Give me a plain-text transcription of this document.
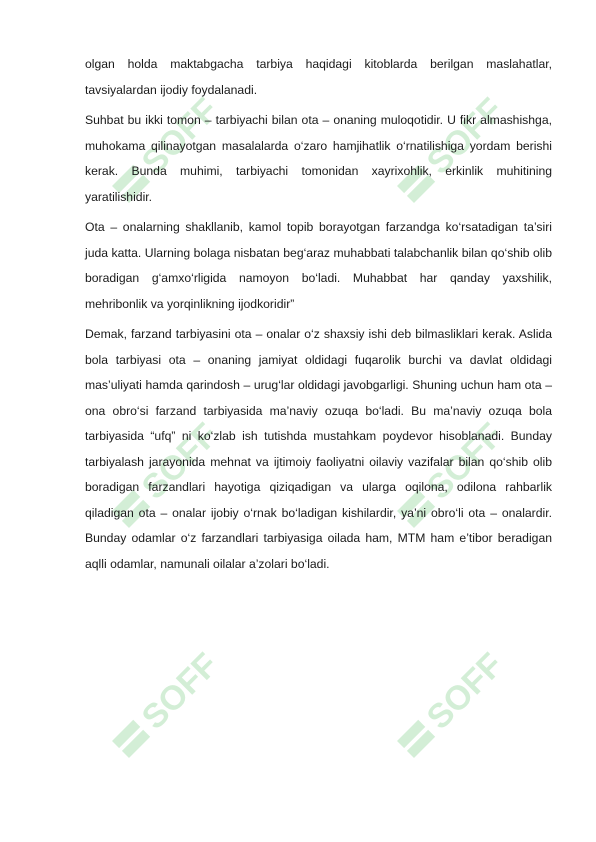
SOFF	SOFF
SOFF	SOFF
SOFF	SOFF

olgan holda maktabgacha tarbiya haqidagi kitoblarda berilgan maslahatlar, tavsiyalardan ijodiy foydalanadi.

Suhbat bu ikki tomon – tarbiyachi bilan ota – onaning muloqotidir. U fikr almashishga, muhokama qilinayotgan masalalarda o‘zaro hamjihatlik o‘rnatilishiga yordam berishi kerak. Bunda muhimi, tarbiyachi tomonidan xayrixohlik, erkinlik muhitining yaratilishidir.

Ota – onalarning shakllanib, kamol topib borayotgan farzandga ko‘rsatadigan ta’siri juda katta. Ularning bolaga nisbatan beg‘araz muhabbati talabchanlik bilan qo‘shib olib boradigan g‘amxo‘rligida namoyon bo‘ladi. Muhabbat har qanday yaxshilik, mehribonlik va yorqinlikning ijodkoridir”

Demak, farzand tarbiyasini ota – onalar o‘z shaxsiy ishi deb bilmasliklari kerak. Aslida bola tarbiyasi ota – onaning jamiyat oldidagi fuqarolik burchi va davlat oldidagi mas’uliyati hamda qarindosh – urug‘lar oldidagi javobgarligi. Shuning uchun ham ota – ona obro‘si farzand tarbiyasida ma’naviy ozuqa bo‘ladi. Bu ma’naviy ozuqa bola tarbiyasida “ufq” ni ko‘zlab ish tutishda mustahkam poydevor hisoblanadi. Bunday tarbiyalash jarayonida mehnat va ijtimoiy faoliyatni oilaviy vazifalar bilan qo‘shib olib boradigan farzandlari hayotiga qiziqadigan va ularga oqilona, odilona rahbarlik qiladigan ota – onalar ijobiy o‘rnak bo‘ladigan kishilardir, ya’ni obro‘li ota – onalardir. Bunday odamlar o‘z farzandlari tarbiyasiga oilada ham, MTM ham e’tibor beradigan aqlli odamlar, namunali oilalar a’zolari bo‘ladi.
